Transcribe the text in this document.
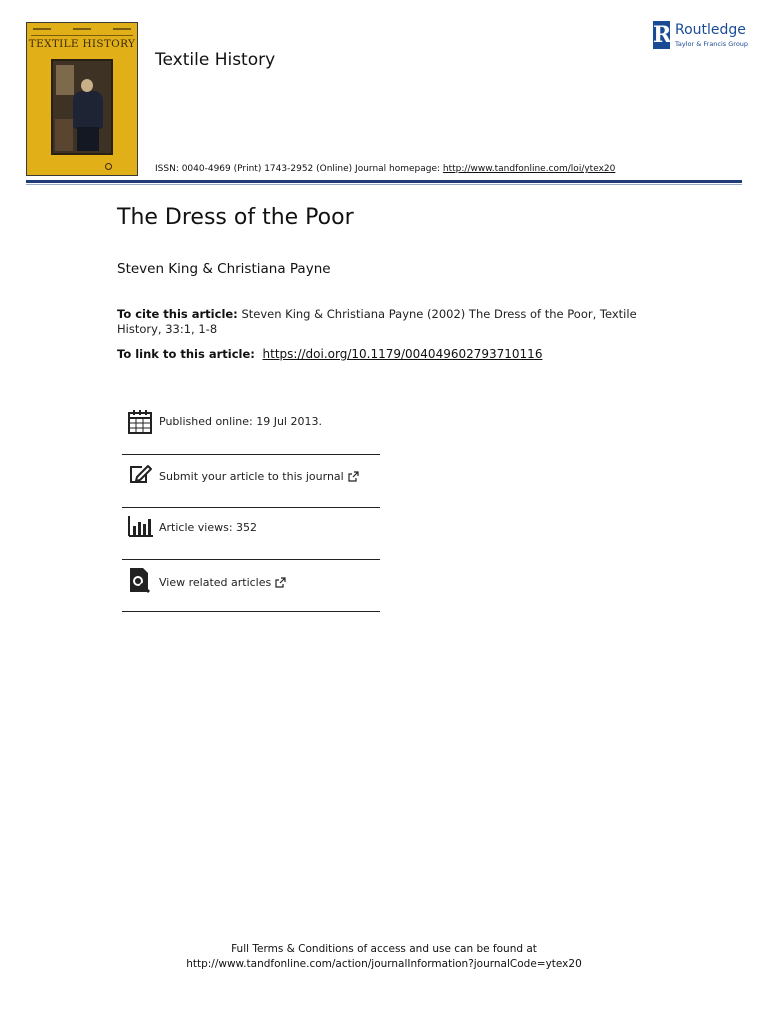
TEXTILE HISTORY
Textile History
ISSN: 0040-4969 (Print) 1743-2952 (Online) Journal homepage: http://www.tandfonline.com/loi/ytex20
R Routledge
Taylor & Francis Group
The Dress of the Poor
Steven King & Christiana Payne
To cite this article: Steven King & Christiana Payne (2002) The Dress of the Poor, Textile History, 33:1, 1-8
To link to this article: https://doi.org/10.1179/004049602793710116
Published online: 19 Jul 2013.
Submit your article to this journal
Article views: 352
View related articles
Full Terms & Conditions of access and use can be found at
http://www.tandfonline.com/action/journalInformation?journalCode=ytex20
